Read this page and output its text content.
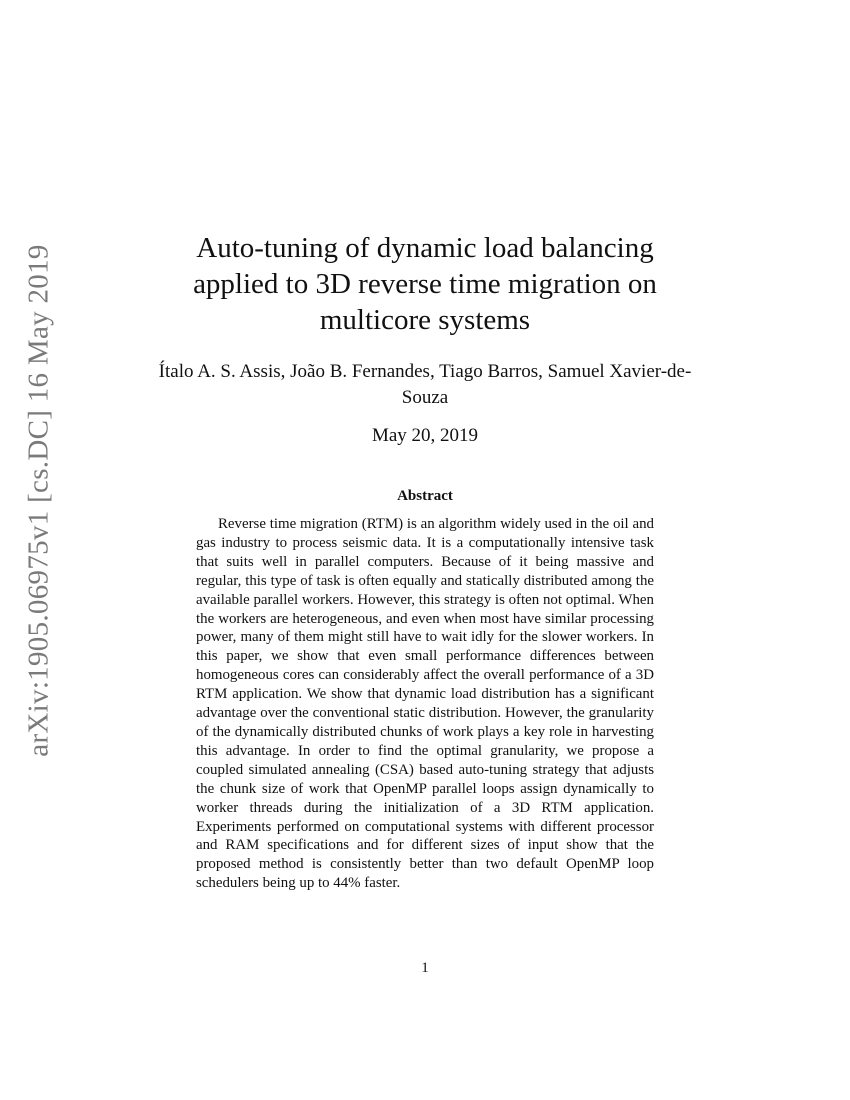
arXiv:1905.06975v1 [cs.DC] 16 May 2019	Auto-tuning of dynamic load balancing applied to 3D reverse time migration on multicore systems
Ítalo A. S. Assis, João B. Fernandes, Tiago Barros, Samuel Xavier-de-Souza
May 20, 2019
Abstract

Reverse time migration (RTM) is an algorithm widely used in the oil and gas industry to process seismic data. It is a computationally intensive task that suits well in parallel computers. Because of it being massive and regular, this type of task is often equally and statically distributed among the available parallel workers. However, this strategy is often not optimal. When the workers are heterogeneous, and even when most have similar processing power, many of them might still have to wait idly for the slower workers. In this paper, we show that even small performance differences between homogeneous cores can considerably affect the overall performance of a 3D RTM application. We show that dynamic load distribution has a significant advantage over the conventional static distribution. However, the granularity of the dynamically distributed chunks of work plays a key role in harvesting this advantage. In order to find the optimal granularity, we propose a coupled simulated annealing (CSA) based auto-tuning strategy that adjusts the chunk size of work that OpenMP parallel loops assign dynamically to worker threads during the initialization of a 3D RTM application. Experiments performed on computational systems with different processor and RAM specifications and for different sizes of input show that the proposed method is consistently better than two default OpenMP loop schedulers being up to 44% faster.

1
